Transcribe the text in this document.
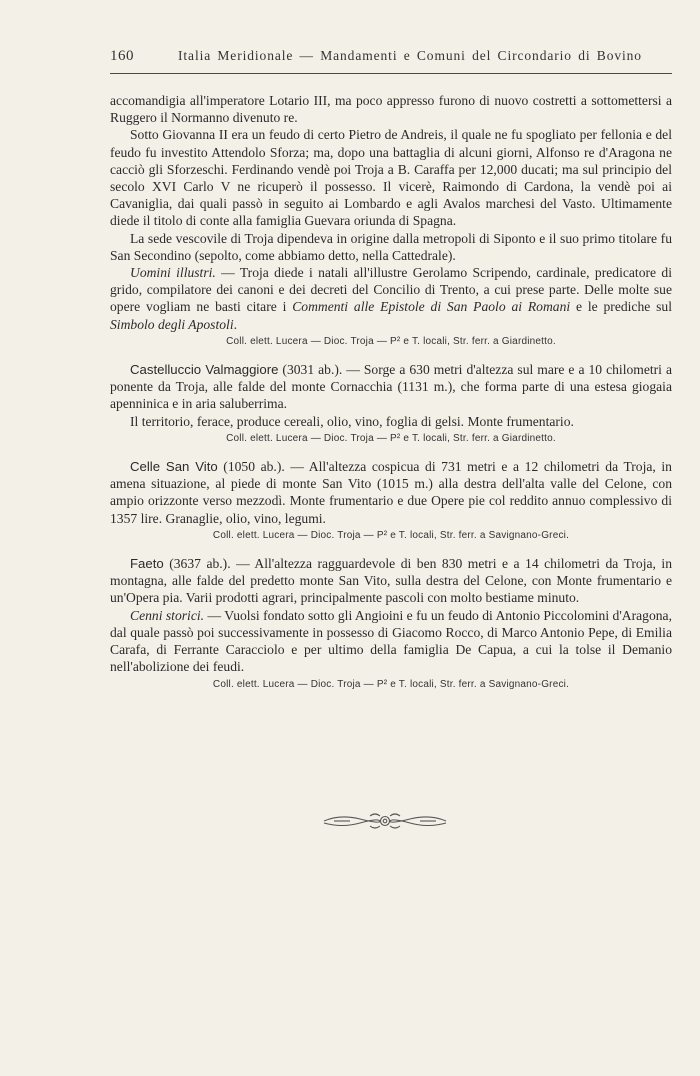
160	Italia Meridionale — Mandamenti e Comuni del Circondario di Bovino

accomandigia all'imperatore Lotario III, ma poco appresso furono di nuovo costretti a sottomettersi a Ruggero il Normanno divenuto re.

Sotto Giovanna II era un feudo di certo Pietro de Andreis, il quale ne fu spogliato per fellonia e del feudo fu investito Attendolo Sforza; ma, dopo una battaglia di alcuni giorni, Alfonso re d'Aragona ne cacciò gli Sforzeschi. Ferdinando vendè poi Troja a B. Caraffa per 12,000 ducati; ma sul principio del secolo XVI Carlo V ne ricuperò il possesso. Il vicerè, Raimondo di Cardona, la vendè poi ai Cavaniglia, dai quali passò in seguito ai Lombardo e agli Avalos marchesi del Vasto. Ultimamente diede il titolo di conte alla famiglia Guevara oriunda di Spagna.

La sede vescovile di Troja dipendeva in origine dalla metropoli di Siponto e il suo primo titolare fu San Secondino (sepolto, come abbiamo detto, nella Cattedrale).

Uomini illustri. — Troja diede i natali all'illustre Gerolamo Scripendo, cardinale, predicatore di grido, compilatore dei canoni e dei decreti del Concilio di Trento, a cui prese parte. Delle molte sue opere vogliam ne basti citare i Commenti alle Epistole di San Paolo ai Romani e le prediche sul Simbolo degli Apostoli.

Coll. elett. Lucera — Dioc. Troja — P² e T. locali, Str. ferr. a Giardinetto.

Castelluccio Valmaggiore (3031 ab.). — Sorge a 630 metri d'altezza sul mare e a 10 chilometri a ponente da Troja, alle falde del monte Cornacchia (1131 m.), che forma parte di una estesa giogaia apenninica e in aria saluberrima.

Il territorio, ferace, produce cereali, olio, vino, foglia di gelsi. Monte frumentario.

Coll. elett. Lucera — Dioc. Troja — P² e T. locali, Str. ferr. a Giardinetto.

Celle San Vito (1050 ab.). — All'altezza cospicua di 731 metri e a 12 chilometri da Troja, in amena situazione, al piede di monte San Vito (1015 m.) alla destra dell'alta valle del Celone, con ampio orizzonte verso mezzodì. Monte frumentario e due Opere pie col reddito annuo complessivo di 1357 lire. Granaglie, olio, vino, legumi.

Coll. elett. Lucera — Dioc. Troja — P² e T. locali, Str. ferr. a Savignano-Greci.

Faeto (3637 ab.). — All'altezza ragguardevole di ben 830 metri e a 14 chilometri da Troja, in montagna, alle falde del predetto monte San Vito, sulla destra del Celone, con Monte frumentario e un'Opera pia. Varii prodotti agrari, principalmente pascoli con molto bestiame minuto.

Cenni storici. — Vuolsi fondato sotto gli Angioini e fu un feudo di Antonio Piccolomini d'Aragona, dal quale passò poi successivamente in possesso di Giacomo Rocco, di Marco Antonio Pepe, di Emilia Carafa, di Ferrante Caracciolo e per ultimo della famiglia De Capua, a cui la tolse il Demanio nell'abolizione dei feudi.

Coll. elett. Lucera — Dioc. Troja — P² e T. locali, Str. ferr. a Savignano-Greci.
